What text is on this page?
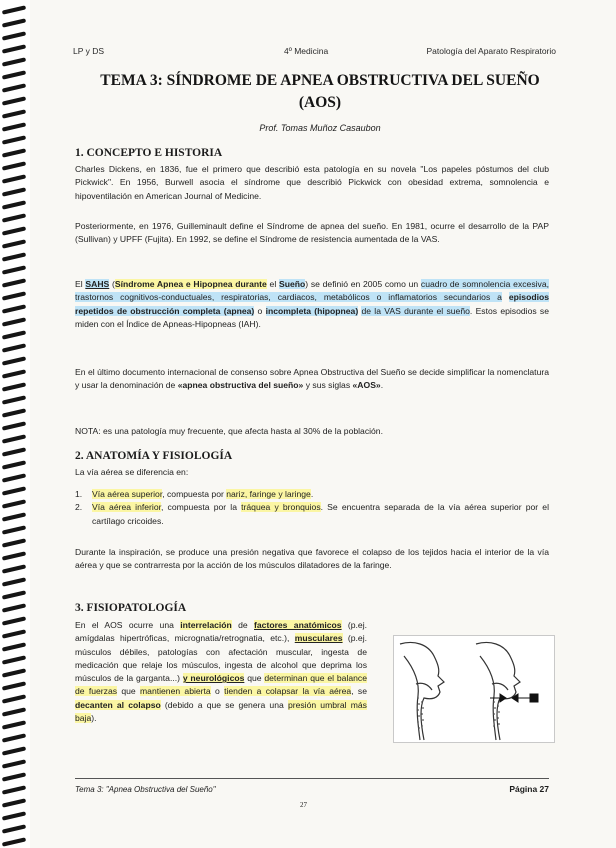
LP y DS	4º Medicina	Patología del Aparato Respiratorio
TEMA 3: SÍNDROME DE APNEA OBSTRUCTIVA DEL SUEÑO
(AOS)
Prof. Tomas Muñoz Casaubon
1. CONCEPTO E HISTORIA
Charles Dickens, en 1836, fue el primero que describió esta patología en su novela "Los papeles póstumos del club Pickwick". En 1956, Burwell asocia el síndrome que describió Pickwick con obesidad extrema, somnolencia e hipoventilación en American Journal of Medicine.
Posteriormente, en 1976, Guilleminault define el Síndrome de apnea del sueño. En 1981, ocurre el desarrollo de la PAP (Sullivan) y UPFF (Fujita). En 1992, se define el Síndrome de resistencia aumentada de la VAS.
El SAHS (Síndrome Apnea e Hipopnea durante el Sueño) se definió en 2005 como un cuadro de somnolencia excesiva, trastornos cognitivos-conductuales, respiratorias, cardiacos, metabólicos o inflamatorios secundarios a episodios repetidos de obstrucción completa (apnea) o incompleta (hipopnea) de la VAS durante el sueño. Estos episodios se miden con el Índice de Apneas-Hipopneas (IAH).
En el último documento internacional de consenso sobre Apnea Obstructiva del Sueño se decide simplificar la nomenclatura y usar la denominación de «apnea obstructiva del sueño» y sus siglas «AOS».
NOTA: es una patología muy frecuente, que afecta hasta al 30% de la población.
2. ANATOMÍA Y FISIOLOGÍA
La vía aérea se diferencia en:
1. Vía aérea superior, compuesta por nariz, faringe y laringe.
2. Vía aérea inferior, compuesta por la tráquea y bronquios. Se encuentra separada de la vía aérea superior por el cartílago cricoides.
Durante la inspiración, se produce una presión negativa que favorece el colapso de los tejidos hacia el interior de la vía aérea y que se contrarresta por la acción de los músculos dilatadores de la faringe.
3. FISIOPATOLOGÍA
En el AOS ocurre una interrelación de factores anatómicos (p.ej. amígdalas hipertróficas, micrognatia/retrognatia, etc.), musculares (p.ej. músculos débiles, patologías con afectación muscular, ingesta de medicación que relaje los músculos, ingesta de alcohol que deprima los músculos de la garganta...) y neurológicos que determinan que el balance de fuerzas que mantienen abierta o tienden a colapsar la vía aérea, se decanten al colapso (debido a que se genera una presión umbral más baja).
Tema 3: "Apnea Obstructiva del Sueño"	Página 27
27
